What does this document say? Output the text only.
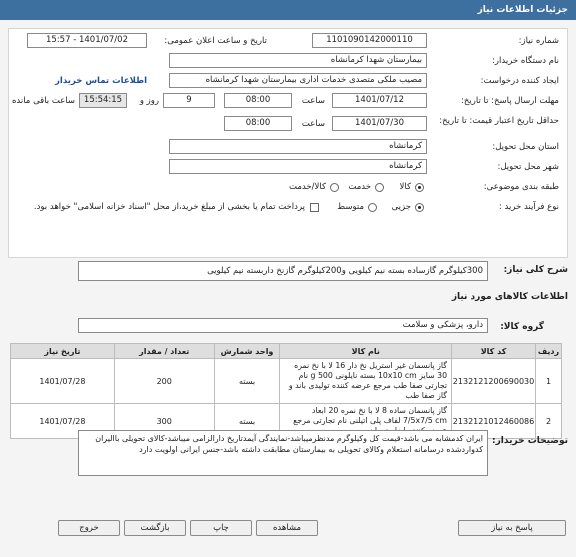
جزئیات اطلاعات نیاز
شماره نیاز:
1101090142000110
تاریخ و ساعت اعلان عمومی:
1401/07/02 - 15:57
نام دستگاه خریدار:
بیمارستان شهدا کرمانشاه
ایجاد کننده درخواست:
مصیب ملکی متصدی خدمات اداری بیمارستان شهدا کرمانشاه
اطلاعات تماس خریدار
مهلت ارسال پاسخ: تا تاریخ:
1401/07/12
ساعت
08:00
9
روز و
15:54:15
ساعت باقی مانده
حداقل تاریخ اعتبار قیمت: تا تاریخ:
1401/07/30
ساعت
08:00
استان محل تحویل:
کرمانشاه
شهر محل تحویل:
کرمانشاه
طبقه بندی موضوعی:
کالا
خدمت
کالا/خدمت
نوع فرآیند خرید :
جزیی
متوسط
پرداخت تمام یا بخشی از مبلغ خرید،از محل "اسناد خزانه اسلامی" خواهد بود.
شرح کلی نیاز:
300کیلوگرم گازساده بسته نیم کیلویی و200کیلوگرم گازنخ داربسته نیم کیلویی
اطلاعات کالاهای مورد نیاز
گروه کالا:
دارو، پزشکی و سلامت
ردیف	کد کالا	نام کالا	واحد شمارش	تعداد / مقدار	تاریخ نیاز
1	2132121200690030	گاز پانسمان غیر استریل نخ دار 16 لا با نخ نمره 30 سایز 10x10 cm بسته نایلونی 500 g نام تجارتی صفا طب مرجع عرضه کننده تولیدی باند و گاز صفا طب	بسته	200	1401/07/28
2	2132121012460086	گاز پانسمان ساده 8 لا با نخ نمره 20 ابعاد 7/5x7/5 cm لفاف پلی اتیلنی نام تجارتی مرجع	بسته	300	1401/07/28
توضیحات خریدار:
ایران کدمشابه می باشد-قیمت کل وکیلوگرم مدنظرمیباشد-نمایندگی آیمدتاریخ دارالزامی میباشد-کالای تحویلی باالیران کدواردشده درسامانه استعلام وکالای تحویلی به بیمارستان مطابقت داشته باشد-جنس ایرانی اولویت دارد
پاسخ به نیاز
مشاهده
چاپ
بازگشت
خروج
